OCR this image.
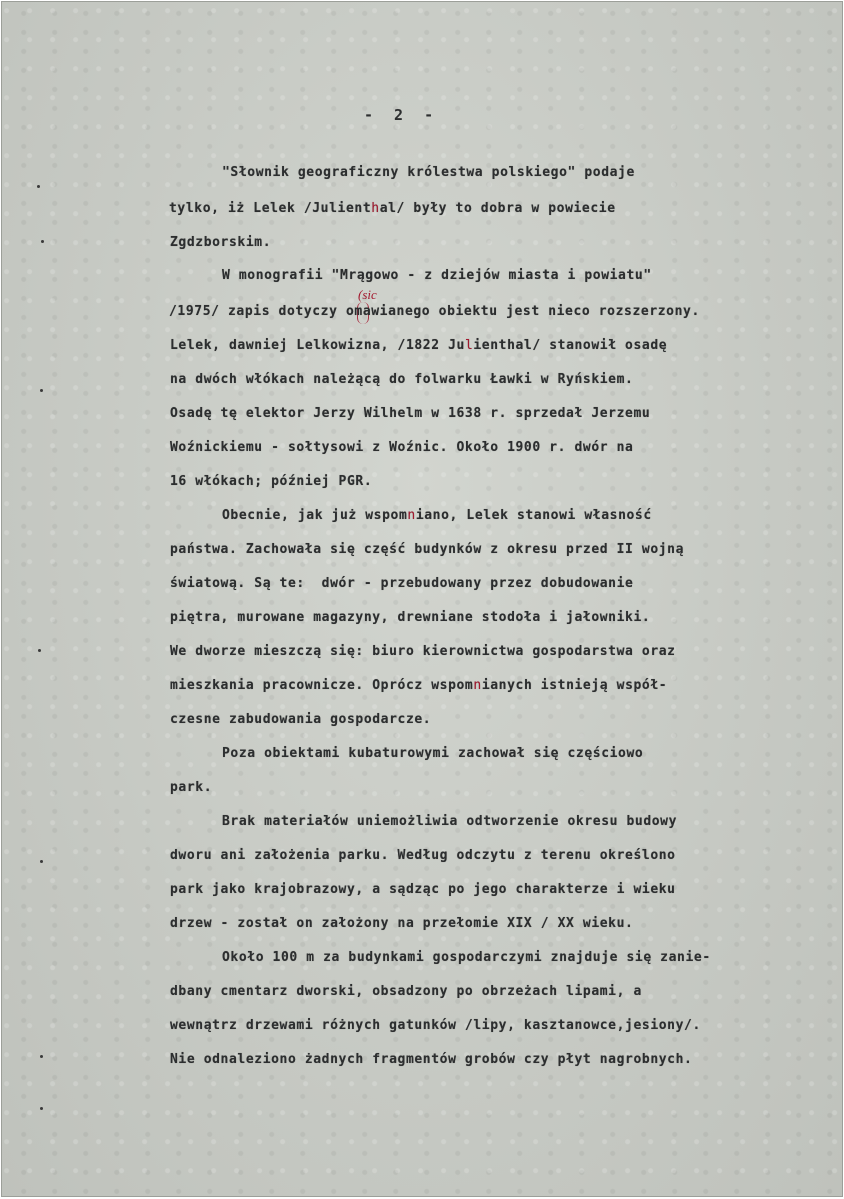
- 2 -
(sic
"Słownik geograficzny królestwa polskiego" podaje
tylko, iż Lelek /Julienthal/ były to dobra w powiecie
Zgdzborskim.
W monografii "Mrągowo - z dziejów miasta i powiatu"
/1975/ zapis dotyczy omawianego obiektu jest nieco rozszerzony.
Lelek, dawniej Lelkowizna, /1822 Julienthal/ stanowił osadę
na dwóch włókach należącą do folwarku Ławki w Ryńskiem.
Osadę tę elektor Jerzy Wilhelm w 1638 r. sprzedał Jerzemu
Woźnickiemu - sołtysowi z Woźnic. Około 1900 r. dwór na
16 włókach; później PGR.
Obecnie, jak już wspomniano, Lelek stanowi własność
państwa. Zachowała się część budynków z okresu przed II wojną
światową. Są te:  dwór - przebudowany przez dobudowanie
piętra, murowane magazyny, drewniane stodoła i jałowniki.
We dworze mieszczą się: biuro kierownictwa gospodarstwa oraz
mieszkania pracownicze. Oprócz wspomnianych istnieją współ-
czesne zabudowania gospodarcze.
Poza obiektami kubaturowymi zachował się częściowo
park.
Brak materiałów uniemożliwia odtworzenie okresu budowy
dworu ani założenia parku. Według odczytu z terenu określono
park jako krajobrazowy, a sądząc po jego charakterze i wieku
drzew - został on założony na przełomie XIX / XX wieku.
Około 100 m za budynkami gospodarczymi znajduje się zanie-
dbany cmentarz dworski, obsadzony po obrzeżach lipami, a
wewnątrz drzewami różnych gatunków /lipy, kasztanowce,jesiony/.
Nie odnaleziono żadnych fragmentów grobów czy płyt nagrobnych.
